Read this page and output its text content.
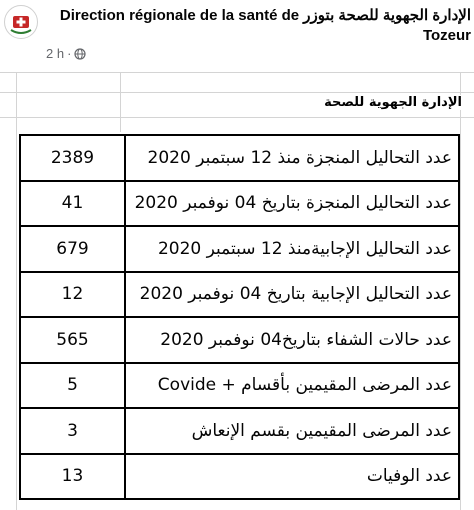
الإدارة الجهوية للصحة بتوزر Direction régionale de la santé de Tozeur
2 h ·
الإدارة الجهوية للصحة
2389	عدد التحاليل المنجزة منذ 12 سبتمبر 2020
41	عدد التحاليل المنجزة بتاريخ 04 نوفمبر 2020
679	عدد التحاليل الإجابيةمنذ 12 سبتمبر 2020
12	عدد التحاليل الإجابية بتاريخ 04 نوفمبر 2020
565	عدد حالات الشفاء بتاريخ04 نوفمبر 2020
5	عدد المرضى المقيمين بأقسام + Covide
3	عدد المرضى المقيمين بقسم الإنعاش
13	عدد الوفيات
